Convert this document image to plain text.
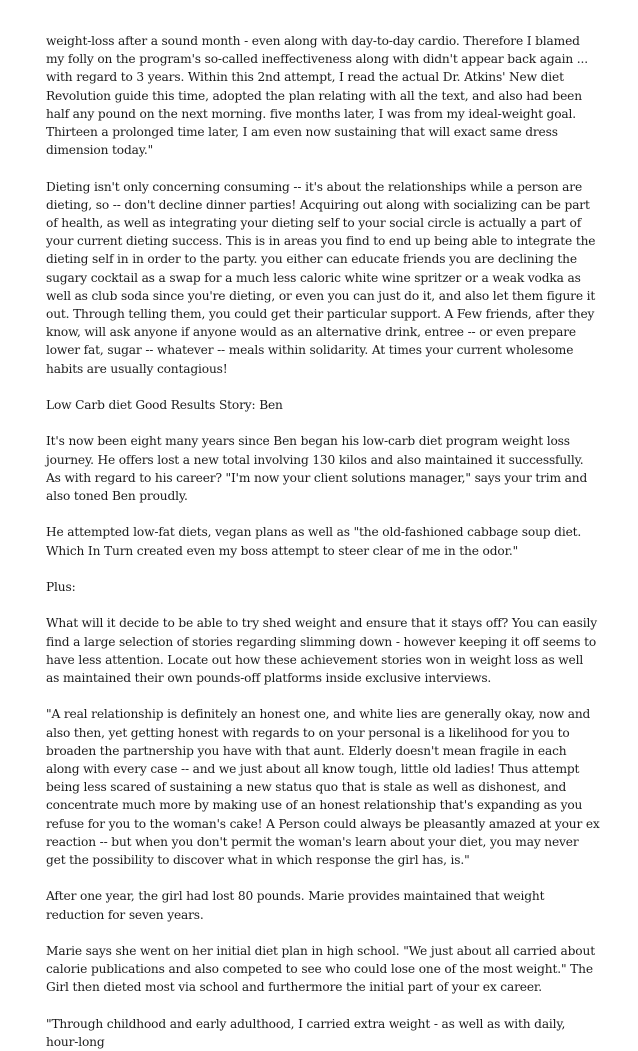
weight-loss after a sound month - even along with day-to-day cardio. Therefore I blamed my folly on the program's so-called ineffectiveness along with didn't appear back again ... with regard to 3 years. Within this 2nd attempt, I read the actual Dr. Atkins' New diet Revolution guide this time, adopted the plan relating with all the text, and also had been half any pound on the next morning. five months later, I was from my ideal-weight goal. Thirteen a prolonged time later, I am even now sustaining that will exact same dress dimension today."

Dieting isn't only concerning consuming -- it's about the relationships while a person are dieting, so -- don't decline dinner parties! Acquiring out along with socializing can be part of health, as well as integrating your dieting self to your social circle is actually a part of your current dieting success. This is in areas you find to end up being able to integrate the dieting self in in order to the party. you either can educate friends you are declining the sugary cocktail as a swap for a much less caloric white wine spritzer or a weak vodka as well as club soda since you're dieting, or even you can just do it, and also let them figure it out. Through telling them, you could get their particular support. A Few friends, after they know, will ask anyone if anyone would as an alternative drink, entree -- or even prepare lower fat, sugar -- whatever -- meals within solidarity. At times your current wholesome habits are usually contagious!

Low Carb diet Good Results Story: Ben

It's now been eight many years since Ben began his low-carb diet program weight loss journey. He offers lost a new total involving 130 kilos and also maintained it successfully. As with regard to his career? "I'm now your client solutions manager," says your trim and also toned Ben proudly.

He attempted low-fat diets, vegan plans as well as "the old-fashioned cabbage soup diet. Which In Turn created even my boss attempt to steer clear of me in the odor."

Plus:

What will it decide to be able to try shed weight and ensure that it stays off? You can easily find a large selection of stories regarding slimming down - however keeping it off seems to have less attention. Locate out how these achievement stories won in weight loss as well as maintained their own pounds-off platforms inside exclusive interviews.

"A real relationship is definitely an honest one, and white lies are generally okay, now and also then, yet getting honest with regards to on your personal is a likelihood for you to broaden the partnership you have with that aunt. Elderly doesn't mean fragile in each along with every case -- and we just about all know tough, little old ladies! Thus attempt being less scared of sustaining a new status quo that is stale as well as dishonest, and concentrate much more by making use of an honest relationship that's expanding as you refuse for you to the woman's cake! A Person could always be pleasantly amazed at your ex reaction -- but when you don't permit the woman's learn about your diet, you may never get the possibility to discover what in which response the girl has, is."

After one year, the girl had lost 80 pounds. Marie provides maintained that weight reduction for seven years.

Marie says she went on her initial diet plan in high school. "We just about all carried about calorie publications and also competed to see who could lose one of the most weight." The Girl then dieted most via school and furthermore the initial part of your ex career.

"Through childhood and early adulthood, I carried extra weight - as well as with daily, hour-long
